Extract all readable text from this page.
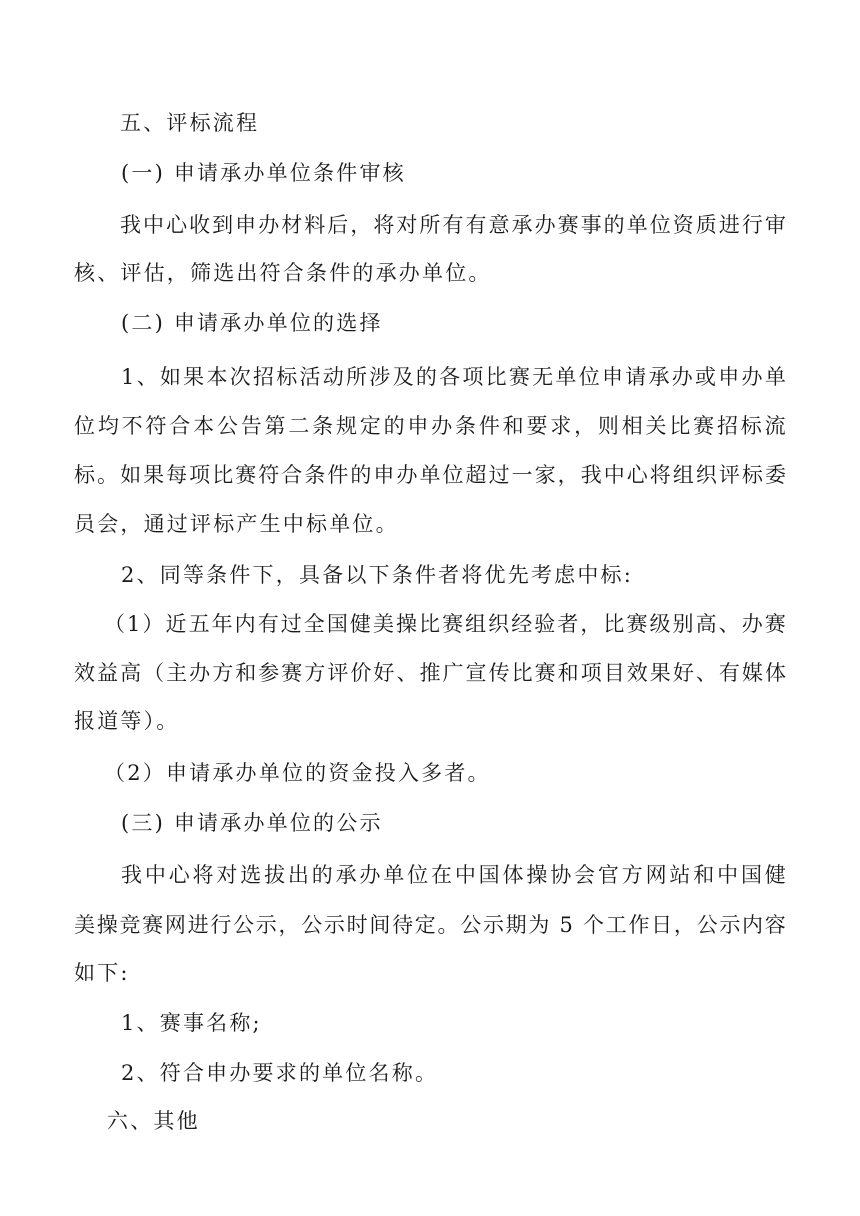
五、评标流程
(一) 申请承办单位条件审核
我 中 心 收 到 申 办 材 料 后 ， 将 对 所 有 有 意 承 办 赛 事 的 单 位 资 质 进 行 审
核、评估，筛选出符合条件的承办单位。
(二) 申请承办单位的选择
1 、 如 果 本 次 招 标 活 动 所 涉 及 的 各 项 比 赛 无 单 位 申 请 承 办 或 申 办 单
位 均 不 符 合 本 公 告 第 二 条 规 定 的 申 办 条 件 和 要 求 ， 则 相 关 比 赛 招 标 流
标 。 如 果 每 项 比 赛 符 合 条 件 的 申 办 单 位 超 过 一 家 ， 我 中 心 将 组 织 评 标 委
员会，通过评标产生中标单位。
2、同等条件下，具备以下条件者将优先考虑中标:
（ 1 ） 近 五 年 内 有 过 全 国 健 美 操 比 赛 组 织 经 验 者 ， 比 赛 级 别 高 、 办 赛
效 益 高 （ 主 办 方 和 参 赛 方 评 价 好 、 推 广 宣 传 比 赛 和 项 目 效 果 好 、 有 媒 体
报道等）。
（2）申请承办单位的资金投入多者。
(三) 申请承办单位的公示
我 中 心 将 对 选 拔 出 的 承 办 单 位 在 中 国 体 操 协 会 官 方 网 站 和 中 国 健
美 操 竞 赛 网 进 行 公 示 ， 公 示 时 间 待 定 。 公 示 期 为
5
个 工 作 日 ， 公 示 内 容
如下:
1、赛事名称;
2、符合申办要求的单位名称。
六、其他
